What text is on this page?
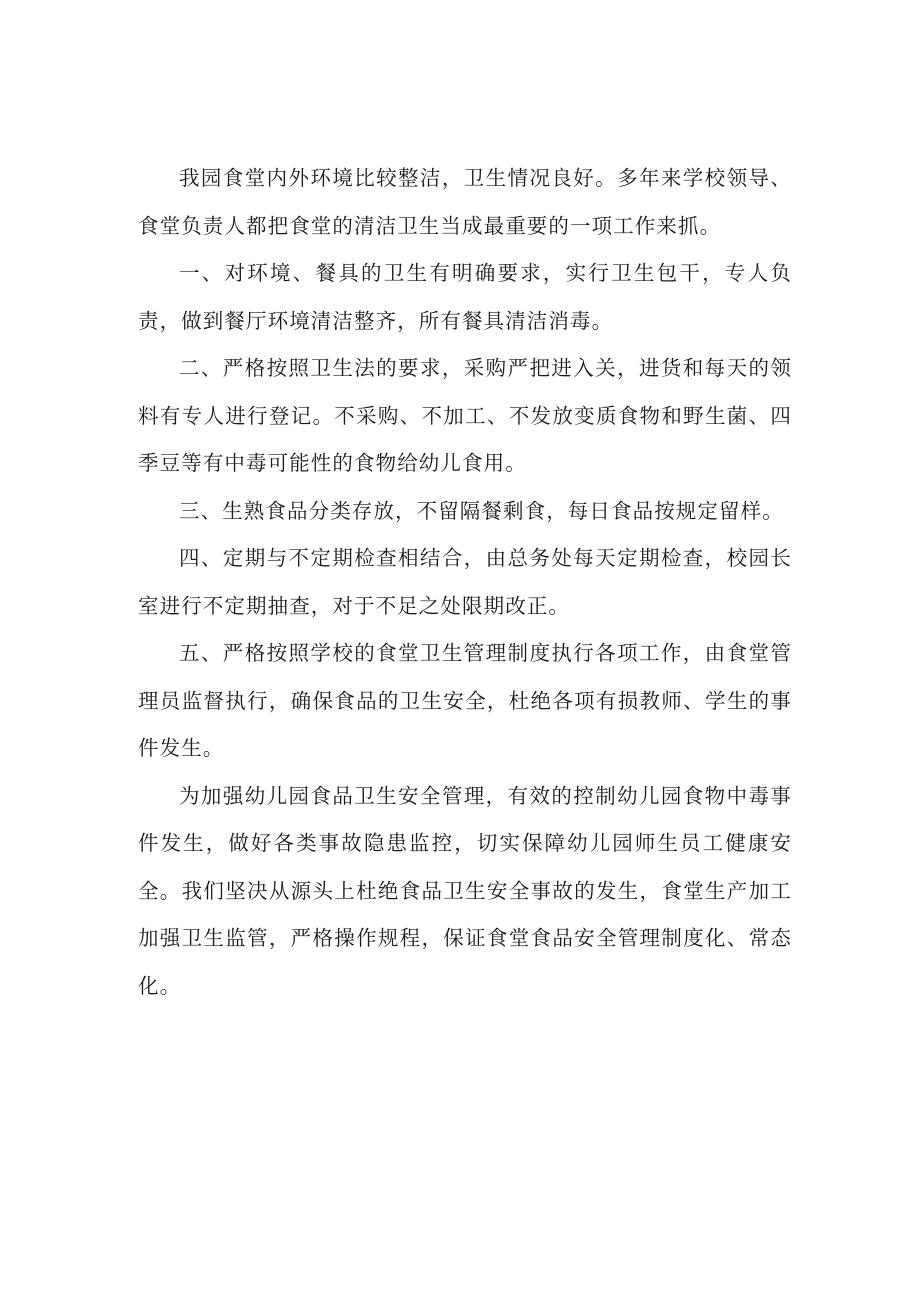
我园食堂内外环境比较整洁，卫生情况良好。多年来学校领导、食堂负责人都把食堂的清洁卫生当成最重要的一项工作来抓。

一、对环境、餐具的卫生有明确要求，实行卫生包干，专人负责，做到餐厅环境清洁整齐，所有餐具清洁消毒。

二、严格按照卫生法的要求，采购严把进入关，进货和每天的领料有专人进行登记。不采购、不加工、不发放变质食物和野生菌、四季豆等有中毒可能性的食物给幼儿食用。

三、生熟食品分类存放，不留隔餐剩食，每日食品按规定留样。

四、定期与不定期检查相结合，由总务处每天定期检查，校园长室进行不定期抽查，对于不足之处限期改正。

五、严格按照学校的食堂卫生管理制度执行各项工作，由食堂管理员监督执行，确保食品的卫生安全，杜绝各项有损教师、学生的事件发生。

为加强幼儿园食品卫生安全管理，有效的控制幼儿园食物中毒事件发生，做好各类事故隐患监控，切实保障幼儿园师生员工健康安全。我们坚决从源头上杜绝食品卫生安全事故的发生，食堂生产加工加强卫生监管，严格操作规程，保证食堂食品安全管理制度化、常态化。
